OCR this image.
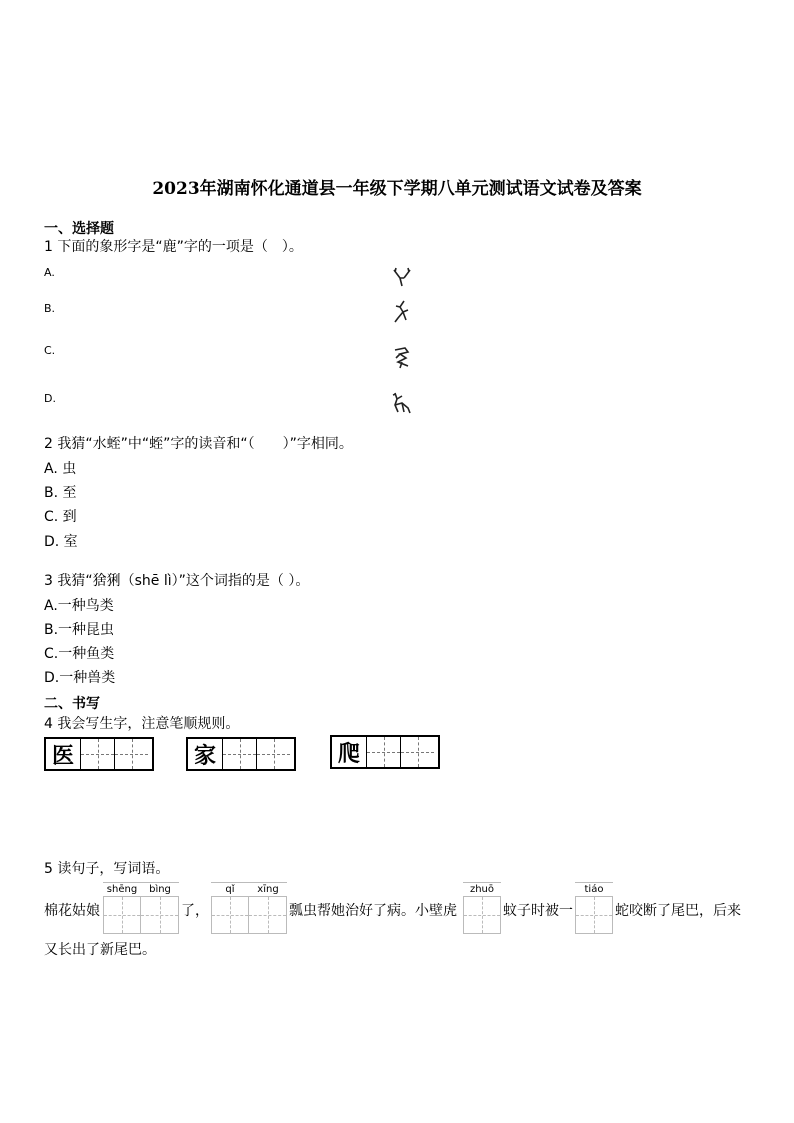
2023年湖南怀化通道县一年级下学期八单元测试语文试卷及答案
一、选择题
1 下面的象形字是“鹿”字的一项是（　）。
A.
B.
C.
D.
2 我猜“水蛭”中“蛭”字的读音和“（　　）”字相同。
A. 虫
B. 至
C. 到
D. 室
3 我猜“猞猁（shē lì）”这个词指的是（ ）。
A.一种鸟类
B.一种昆虫
C.一种鱼类
D.一种兽类
二、书写
4 我会写生字，注意笔顺规则。
医	家	爬
5 读句子，写词语。
棉花姑娘
shēng	bìng
了，
qǐ	xīng
瓢虫帮她治好了病。小壁虎
zhuō
蚊子时被一
tiáo
蛇咬断了尾巴，后来
又长出了新尾巴。
